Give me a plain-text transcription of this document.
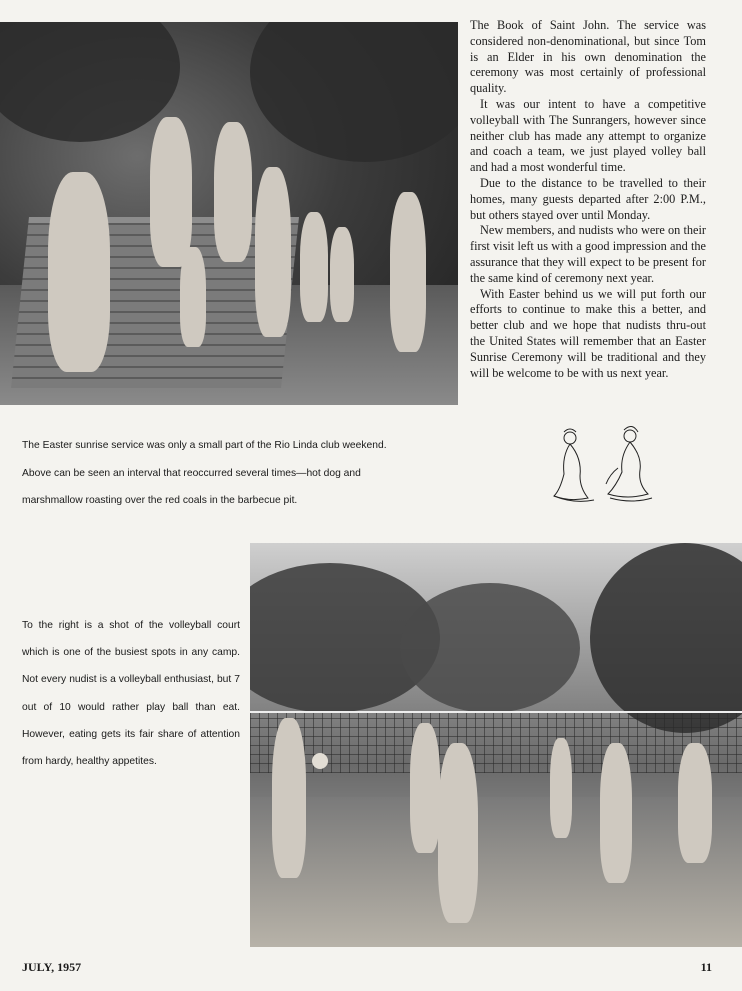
The Book of Saint John. The service was considered non-denominational, but since Tom is an Elder in his own denomination the ceremony was most certainly of professional quality.

It was our intent to have a competitive volleyball with The Sunrangers, however since neither club has made any attempt to organize and coach a team, we just played volley ball and had a most wonderful time.

Due to the distance to be travelled to their homes, many guests departed after 2:00 P.M., but others stayed over until Monday.

New members, and nudists who were on their first visit left us with a good impression and the assurance that they will expect to be present for the same kind of ceremony next year.

With Easter behind us we will put forth our efforts to continue to make this a better, and better club and we hope that nudists thru-out the United States will remember that an Easter Sunrise Ceremony will be traditional and they will be welcome to be with us next year.

The Easter sunrise service was only a small part of the Rio Linda club weekend. Above can be seen an interval that reoccurred several times—hot dog and marshmallow roasting over the red coals in the barbecue pit.
To the right is a shot of the volleyball court which is one of the busiest spots in any camp. Not every nudist is a volleyball enthusiast, but 7 out of 10 would rather play ball than eat. However, eating gets its fair share of attention from hardy, healthy appetites.
JULY, 1957	11
